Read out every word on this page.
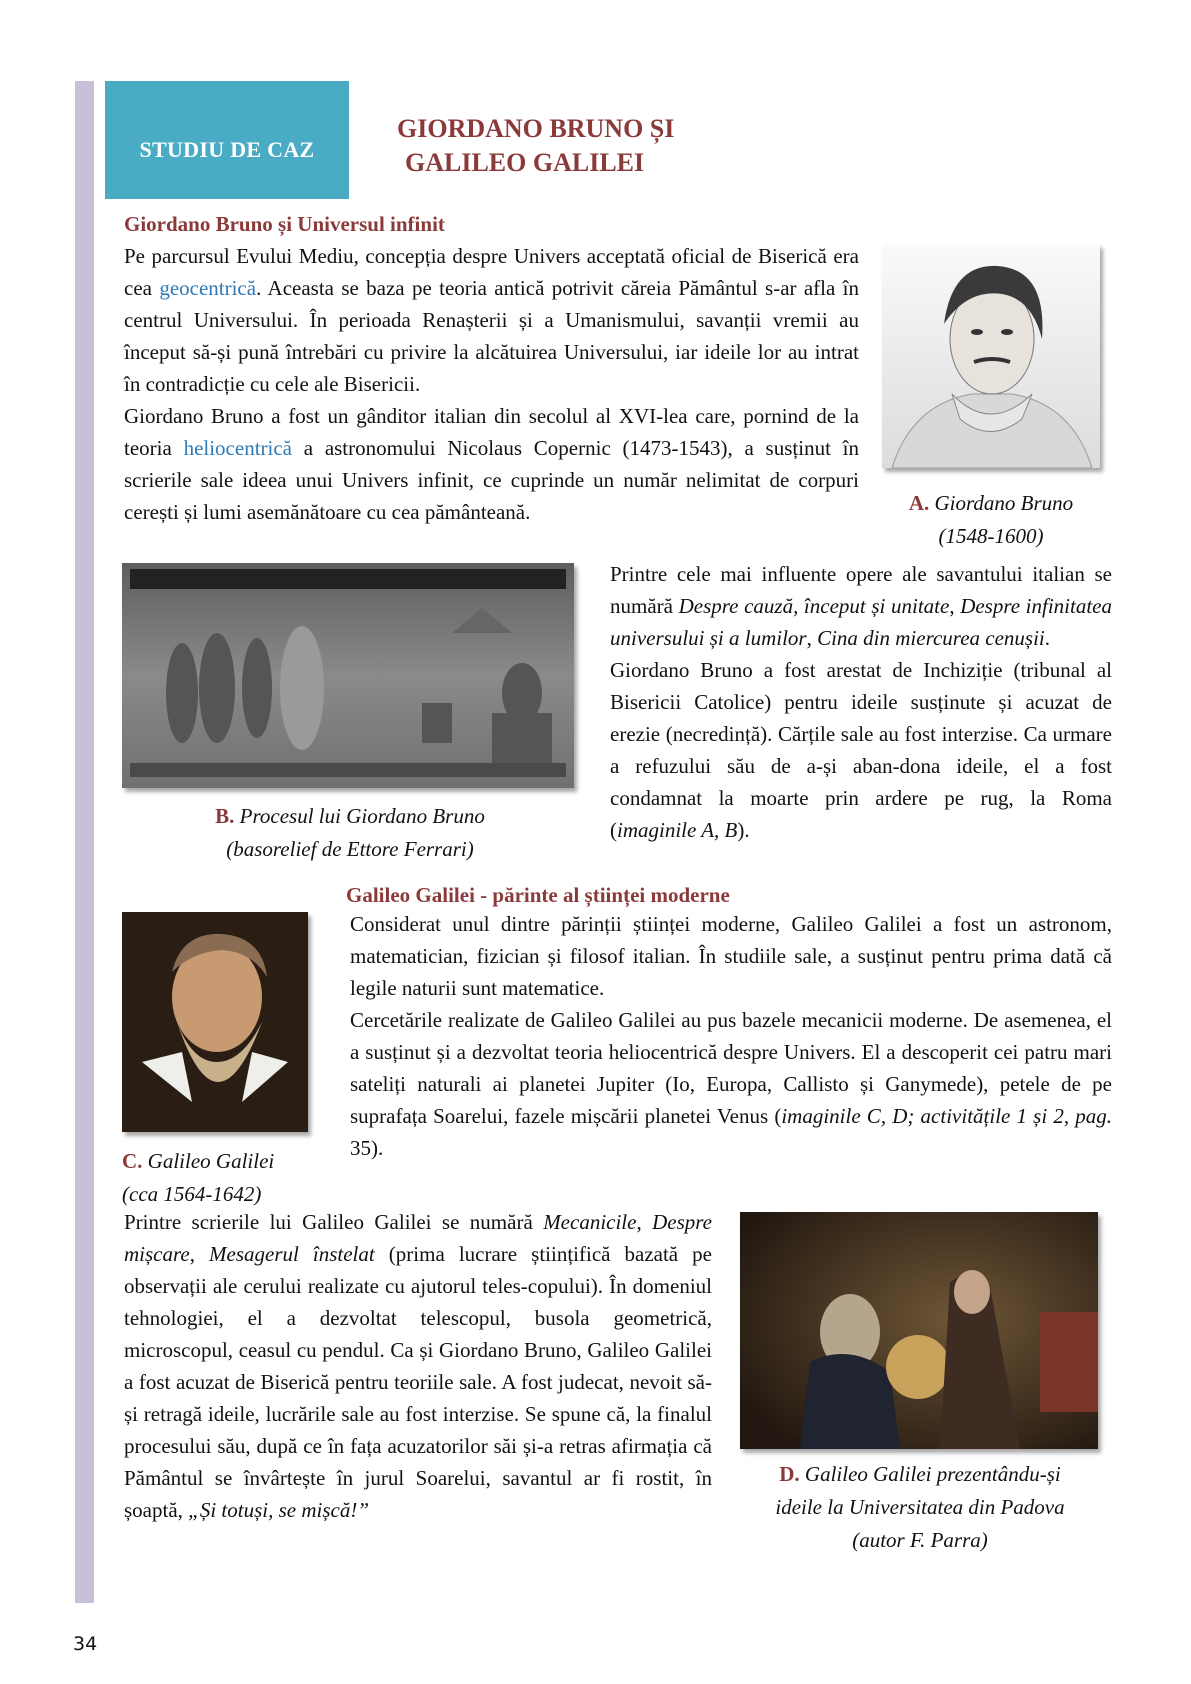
STUDIU DE CAZ
GIORDANO BRUNO ȘI
GALILEO GALILEI
Giordano Bruno și Universul infinit

Pe parcursul Evului Mediu, concepția despre Univers acceptată oficial de Biserică era cea geocentrică. Aceasta se baza pe teoria antică potrivit căreia Pământul s-ar afla în centrul Universului. În perioada Renașterii și a Umanismului, savanții vremii au început să-și pună întrebări cu privire la alcătuirea Universului, iar ideile lor au intrat în contradicție cu cele ale Bisericii.

Giordano Bruno a fost un gânditor italian din secolul al XVI-lea care, pornind de la teoria heliocentrică a astronomului Nicolaus Copernic (1473-1543), a susținut în scrierile sale ideea unui Univers infinit, ce cuprinde un număr nelimitat de corpuri cerești și lumi asemănătoare cu cea pământeană.	A. Giordano Bruno
(1548-1600)
B. Procesul lui Giordano Bruno
(basorelief de Ettore Ferrari)

Printre cele mai influente opere ale savantului italian se numără Despre cauză, început și unitate, Despre infinitatea universului și a lumilor, Cina din miercurea cenușii.

Giordano Bruno a fost arestat de Inchiziție (tribunal al Bisericii Catolice) pentru ideile susținute și acuzat de erezie (necredință). Cărțile sale au fost interzise. Ca urmare a refuzului său de a-și aban-dona ideile, el a fost condamnat la moarte prin ardere pe rug, la Roma (imaginile A, B).

Galileo Galilei - părinte al științei moderne
C. Galileo Galilei
(cca 1564-1642)

Considerat unul dintre părinții științei moderne, Galileo Galilei a fost un astronom, matematician, fizician și filosof italian. În studiile sale, a susținut pentru prima dată că legile naturii sunt matematice.

Cercetările realizate de Galileo Galilei au pus bazele mecanicii moderne. De asemenea, el a susținut și a dezvoltat teoria heliocentrică despre Univers. El a descoperit cei patru mari sateliți naturali ai planetei Jupiter (Io, Europa, Callisto și Ganymede), petele de pe suprafața Soarelui, fazele mișcării planetei Venus (imaginile C, D; activitățile 1 și 2, pag. 35).

Printre scrierile lui Galileo Galilei se numără Mecanicile, Despre mișcare, Mesagerul înstelat (prima lucrare științifică bazată pe observații ale cerului realizate cu ajutorul teles-copului). În domeniul tehnologiei, el a dezvoltat telescopul, busola geometrică, microscopul, ceasul cu pendul. Ca și Giordano Bruno, Galileo Galilei a fost acuzat de Biserică pentru teoriile sale. A fost judecat, nevoit să-și retragă ideile, lucrările sale au fost interzise. Se spune că, la finalul procesului său, după ce în fața acuzatorilor săi și-a retras afirmația că Pământul se învârtește în jurul Soarelui, savantul ar fi rostit, în șoaptă, „Și totuși, se mișcă!”

D. Galileo Galilei prezentându-și
ideile la Universitatea din Padova
(autor F. Parra)
34
